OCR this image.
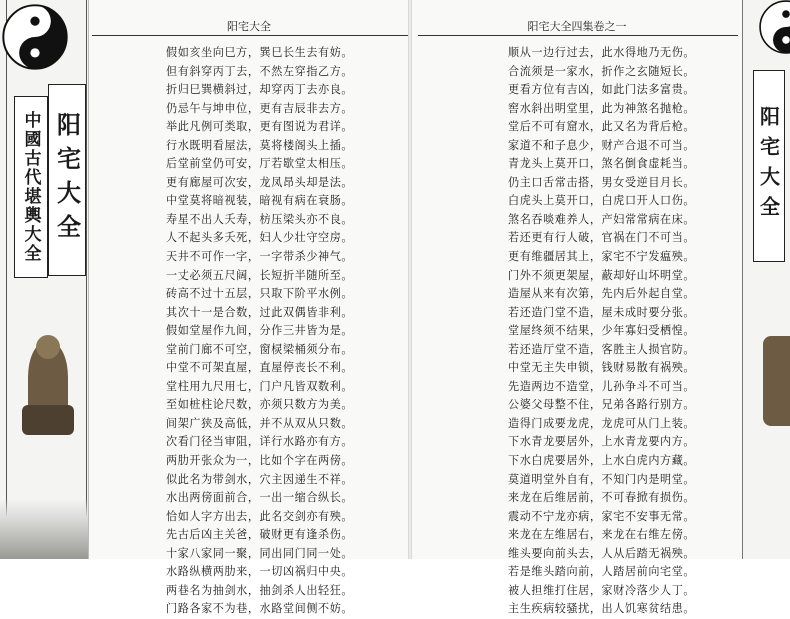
中國古代堪輿大全 阳宅大全
阳宅大全
假如亥坐向巳方，巽巳长生去有妨。
但有斜穿丙丁去，不然左穿指乙方。
折归巳巽横斜过，却穿丙丁去亦良。
仍忌午与坤申位，更有吉辰非去方。
举此凡例可类取，更有图说为君详。
行水既明看屋法，莫将楼阁头上插。
后堂前堂仍可安，厅若歇堂太相压。
更有廊屋可次安，龙凤昂头却是法。
中堂莫将暗视装，暗视有病在衰肠。
寿星不出人夭寿，枋压梁头亦不良。
人不起头多夭死，妇人少壮守空房。
天井不可作一字，一字带杀少神气。
一丈必须五尺阔，长短折半随所至。
砖高不过十五层，只取下阶平水例。
其次十一是合数，过此双偶皆非利。
假如堂屋作九间，分作三井皆为是。
堂前门廊不可空，窗棂梁桶须分布。
中堂不可架直屋，直屋停丧长不利。
堂柱用九尺用七，门户凡皆双数利。
至如桩柱论尺数，亦须只数方为美。
间架广狭及高低，并不从双从只数。
次看门径当审阻，详行水路亦有方。
两肋开张众为一，比如个字在两傍。
似此名为带剑水，穴主因递生不祥。
水出两傍面前合，一出一缩合纵长。
恰如人字方出去，此名交剑亦有殃。
先古后凶主关爸，破财更有逢杀伤。
十家八家同一聚，同出同门同一处。
水路纵横两肋来，一切凶祸归中央。
两巷名为抽剑水，抽剑杀人出轻狂。
门路各家不为巷，水路堂间侧不妨。
阳宅大全四集卷之一
顺从一边行过去，此水得地乃无伤。
合流须是一家水，折作之玄随短长。
更看方位有吉凶，如此门法多富贵。
窖水斜出明堂里，此为神煞名抛枪。
堂后不可有窟水，此又名为背后枪。
家道不和子息少，财产合退不可当。
青龙头上莫开口，煞名倒食虚耗当。
仍主口舌常击搭，男女受逆目月长。
白虎头上莫开口，白虎口开人口伤。
煞名吞啖难养人，产妇常常病在床。
若还更有行人破，官祸在门不可当。
更有维疆居其上，家宅不宁发瘟殃。
门外不须更架屋，蔽却好山坏明堂。
造屋从来有次第，先内后外起自堂。
若还造门堂不造，屋未成时要分张。
堂屋终须不结果，少年寡妇受栖惶。
若还造厅堂不造，客胜主人损官防。
中堂无主失申锁，钱财易散有祸殃。
先造两边不造堂，儿孙争斗不可当。
公婆父母整不住，兄弟各路行别方。
造得门成要龙虎，龙虎可从门上装。
下水青龙要居外，上水青龙要内方。
下水白虎要居外，上水白虎内方藏。
莫道明堂外自有，不知门内是明堂。
来龙在后维居前，不可春掀有损伤。
震动不宁龙亦病，家宅不安事无常。
来龙在左维居右，来龙在右维左傍。
维头要向前头去，人从后踏无祸殃。
若是维头踏向前，人踏居前向宅堂。
被人担维打住居，家财冷落少人丁。
主生疾病较骚扰，出人饥寒贫结患。
阳宅大全
